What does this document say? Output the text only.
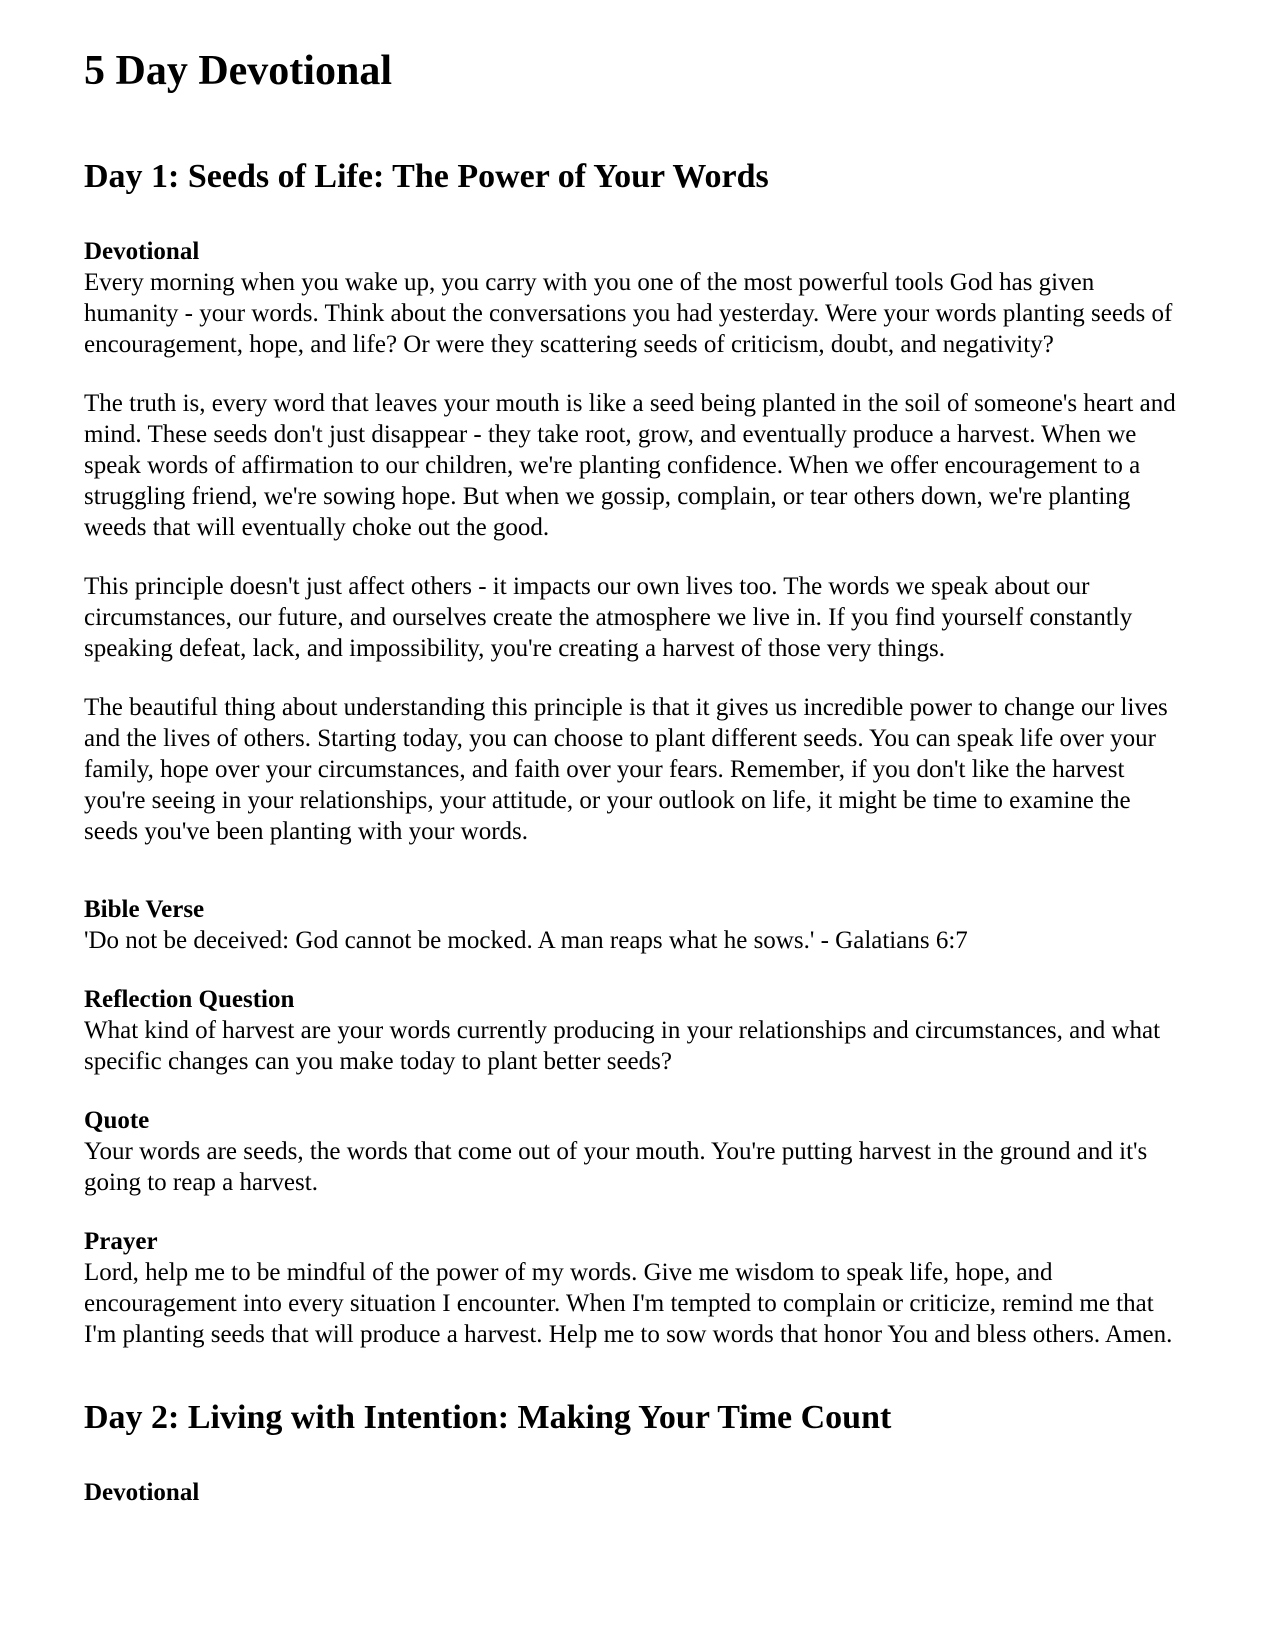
5 Day Devotional
Day 1: Seeds of Life: The Power of Your Words
Devotional

Every morning when you wake up, you carry with you one of the most powerful tools God has given humanity - your words. Think about the conversations you had yesterday. Were your words planting seeds of encouragement, hope, and life? Or were they scattering seeds of criticism, doubt, and negativity?

The truth is, every word that leaves your mouth is like a seed being planted in the soil of someone's heart and mind. These seeds don't just disappear - they take root, grow, and eventually produce a harvest. When we speak words of affirmation to our children, we're planting confidence. When we offer encouragement to a struggling friend, we're sowing hope. But when we gossip, complain, or tear others down, we're planting weeds that will eventually choke out the good.

This principle doesn't just affect others - it impacts our own lives too. The words we speak about our circumstances, our future, and ourselves create the atmosphere we live in. If you find yourself constantly speaking defeat, lack, and impossibility, you're creating a harvest of those very things.

The beautiful thing about understanding this principle is that it gives us incredible power to change our lives and the lives of others. Starting today, you can choose to plant different seeds. You can speak life over your family, hope over your circumstances, and faith over your fears. Remember, if you don't like the harvest you're seeing in your relationships, your attitude, or your outlook on life, it might be time to examine the seeds you've been planting with your words.

Bible Verse

'Do not be deceived: God cannot be mocked. A man reaps what he sows.' - Galatians 6:7

Reflection Question

What kind of harvest are your words currently producing in your relationships and circumstances, and what specific changes can you make today to plant better seeds?

Quote

Your words are seeds, the words that come out of your mouth. You're putting harvest in the ground and it's going to reap a harvest.

Prayer

Lord, help me to be mindful of the power of my words. Give me wisdom to speak life, hope, and encouragement into every situation I encounter. When I'm tempted to complain or criticize, remind me that I'm planting seeds that will produce a harvest. Help me to sow words that honor You and bless others. Amen.

Day 2: Living with Intention: Making Your Time Count
Devotional
